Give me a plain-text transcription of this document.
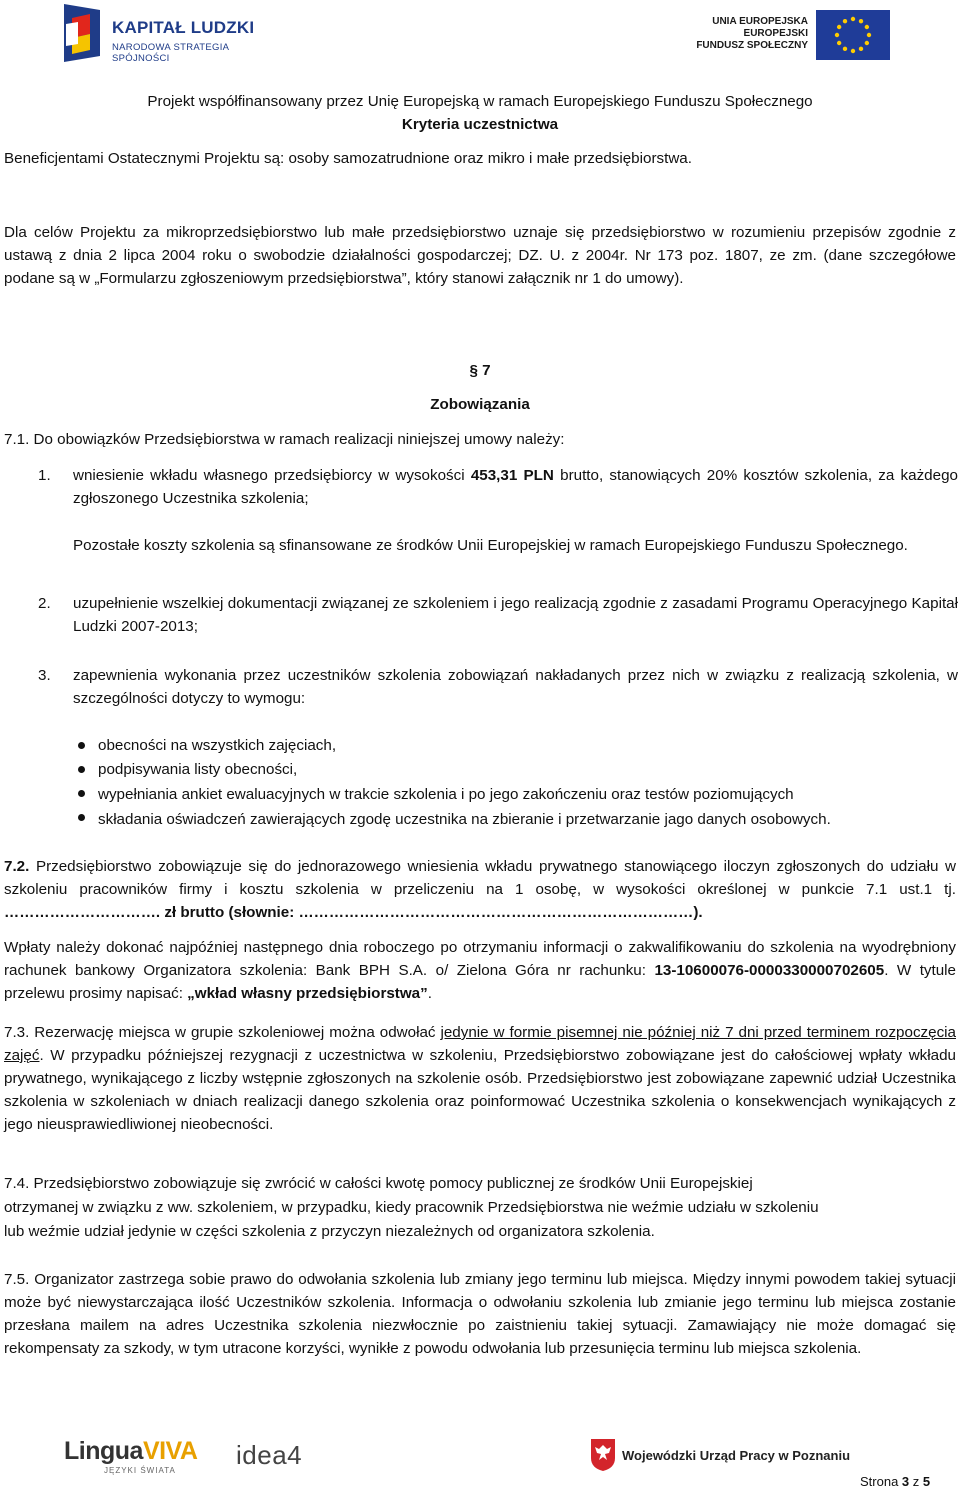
KAPITAŁ LUDZKI
NARODOWA STRATEGIA SPÓJNOŚCI
UNIA EUROPEJSKA
EUROPEJSKI
FUNDUSZ SPOŁECZNY
Projekt współfinansowany przez Unię Europejską w ramach Europejskiego Funduszu Społecznego
Kryteria uczestnictwa
Beneficjentami Ostatecznymi Projektu są: osoby samozatrudnione oraz mikro i małe przedsiębiorstwa.
Dla celów Projektu za mikroprzedsiębiorstwo lub małe przedsiębiorstwo uznaje się przedsiębiorstwo w rozumieniu przepisów zgodnie z ustawą z dnia 2 lipca 2004 roku o swobodzie działalności gospodarczej; DZ. U. z 2004r. Nr 173 poz. 1807, ze zm. (dane szczegółowe podane są w „Formularzu zgłoszeniowym przedsiębiorstwa”, który stanowi załącznik nr 1 do umowy).
§ 7
Zobowiązania
7.1. Do obowiązków Przedsiębiorstwa w ramach realizacji niniejszej umowy należy:
1. wniesienie wkładu własnego przedsiębiorcy w wysokości 453,31 PLN brutto, stanowiących 20% kosztów szkolenia, za każdego zgłoszonego Uczestnika szkolenia;
Pozostałe koszty szkolenia są sfinansowane ze środków Unii Europejskiej w ramach Europejskiego Funduszu Społecznego.
2. uzupełnienie wszelkiej dokumentacji związanej ze szkoleniem i jego realizacją zgodnie z zasadami Programu Operacyjnego Kapitał Ludzki 2007-2013;
3. zapewnienia wykonania przez uczestników szkolenia zobowiązań nakładanych przez nich w związku z realizacją szkolenia, w szczególności dotyczy to wymogu:
obecności na wszystkich zajęciach,
podpisywania listy obecności,
wypełniania ankiet ewaluacyjnych w trakcie szkolenia i po jego zakończeniu oraz testów poziomujących
składania oświadczeń zawierających zgodę uczestnika na zbieranie i przetwarzanie jago danych osobowych.
7.2. Przedsiębiorstwo zobowiązuje się do jednorazowego wniesienia wkładu prywatnego stanowiącego iloczyn zgłoszonych do udziału w szkoleniu pracowników firmy i kosztu szkolenia w przeliczeniu na 1 osobę, w wysokości określonej w punkcie 7.1 ust.1 tj. …………………………. zł brutto (słownie: ……………………………………………………………………).
Wpłaty należy dokonać najpóźniej następnego dnia roboczego po otrzymaniu informacji o zakwalifikowaniu do szkolenia na wyodrębniony rachunek bankowy Organizatora szkolenia: Bank BPH S.A. o/ Zielona Góra nr rachunku: 13-10600076-0000330000702605. W tytule przelewu prosimy napisać: „wkład własny przedsiębiorstwa”.
7.3. Rezerwację miejsca w grupie szkoleniowej można odwołać jedynie w formie pisemnej nie później niż 7 dni przed terminem rozpoczęcia zajęć. W przypadku późniejszej rezygnacji z uczestnictwa w szkoleniu, Przedsiębiorstwo zobowiązane jest do całościowej wpłaty wkładu prywatnego, wynikającego z liczby wstępnie zgłoszonych na szkolenie osób. Przedsiębiorstwo jest zobowiązane zapewnić udział Uczestnika szkolenia w szkoleniach w dniach realizacji danego szkolenia oraz poinformować Uczestnika szkolenia o konsekwencjach wynikających z jego nieusprawiedliwionej nieobecności.
7.4. Przedsiębiorstwo zobowiązuje się zwrócić w całości kwotę pomocy publicznej ze środków Unii Europejskiej
otrzymanej w związku z ww. szkoleniem, w przypadku, kiedy pracownik Przedsiębiorstwa nie weźmie udziału w szkoleniu
lub weźmie udział jedynie w części szkolenia z przyczyn niezależnych od organizatora szkolenia.
7.5. Organizator zastrzega sobie prawo do odwołania szkolenia lub zmiany jego terminu lub miejsca. Między innymi powodem takiej sytuacji może być niewystarczająca ilość Uczestników szkolenia. Informacja o odwołaniu szkolenia lub zmianie jego terminu lub miejsca zostanie przesłana mailem na adres Uczestnika szkolenia niezwłocznie po zaistnieniu takiej sytuacji. Zamawiający nie może domagać się rekompensaty za szkody, w tym utracone korzyści, wynikłe z powodu odwołania lub przesunięcia terminu lub miejsca szkolenia.
LinguaVIVA
JĘZYKI ŚWIATA
idea4	Wojewódzki Urząd Pracy w Poznaniu
Strona 3 z 5
